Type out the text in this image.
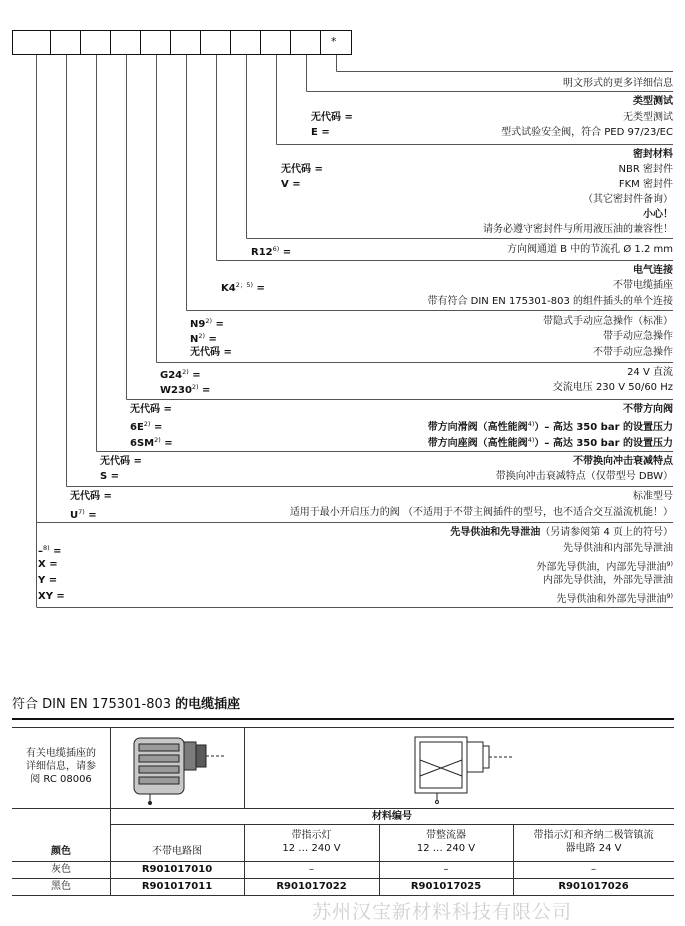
*
明文形式的更多详细信息
类型测试
无代码 =	无类型测试
E =	型式试验安全阀，符合 PED 97/23/EC
密封材料
无代码 =	NBR 密封件
V =	FKM 密封件
（其它密封件备询）
小心！
请务必遵守密封件与所用液压油的兼容性！
$R12^{6)}$ =	方向阀通道 B 中的节流孔 Ø 1.2 mm
电气连接
$K4^{2;5)}$ =	不带电缆插座
带有符合 DIN EN 175301-803 的组件插头的单个连接
$N9^{2)}$ =	带隐式手动应急操作（标准）
$N^{2)}$ =	带手动应急操作
无代码 =	不带手动应急操作
$G24^{2)}$ =	24 V 直流
$W230^{2)}$ =	交流电压 230 V 50/60 Hz
无代码 =	不带方向阀
$6E^{2)}$ =	带方向滑阀（高性能阀$^{4)}$）– 高达 350 bar 的设置压力
$6SM^{2)}$ =	带方向座阀（高性能阀$^{4)}$）– 高达 350 bar 的设置压力
无代码 =	不带换向冲击衰减特点
S =	带换向冲击衰减特点（仅带型号 DBW）
无代码 =	标准型号
$U^{7)}$ =	适用于最小开启压力的阀 （不适用于不带主阀插件的型号，也不适合交互溢流机能！）
先导供油和先导泄油（另请参阅第 4 页上的符号）
–$^{8)}$ =	先导供油和内部先导泄油
X =	外部先导供油，内部先导泄油$^{9)}$
Y =	内部先导供油，外部先导泄油
XY =	先导供油和外部先导泄油$^{9)}$
符合 DIN EN 175301-803 的电缆插座
有关电缆插座的
详细信息，请参
阅 RC 08006
材料编号
颜色	不带电路图
带指示灯
12 … 240 V
带整流器
12 … 240 V
带指示灯和齐纳二极管镇流
器电路 24 V
灰色	R901017010	–	–	–
黑色	R901017011	R901017022	R901017025	R901017026
苏州汉宝新材料科技有限公司
